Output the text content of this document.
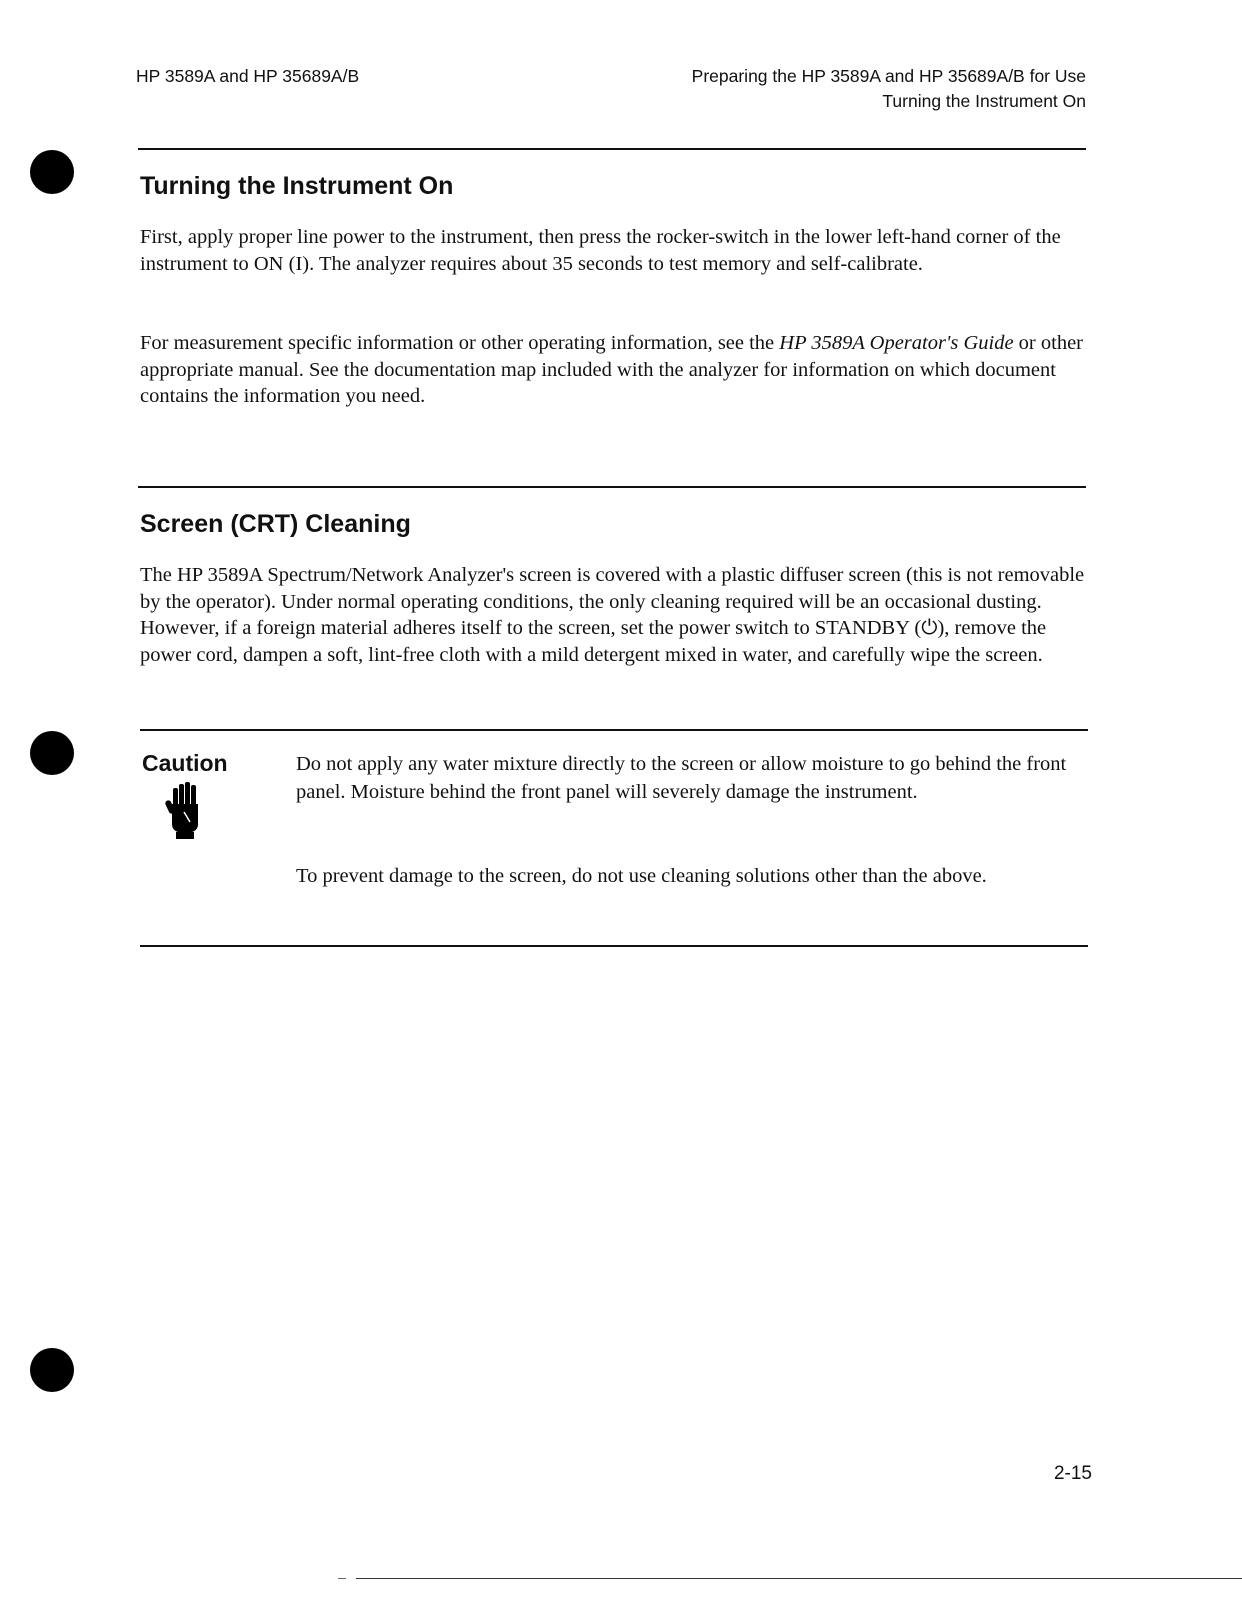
HP 3589A and HP 35689A/B	Preparing the HP 3589A and HP 35689A/B for Use
Turning the Instrument On
Turning the Instrument On
First, apply proper line power to the instrument, then press the rocker-switch in the lower left-hand corner of the instrument to ON (I). The analyzer requires about 35 seconds to test memory and self-calibrate.
For measurement specific information or other operating information, see the HP 3589A Operator's Guide or other appropriate manual. See the documentation map included with the analyzer for information on which document contains the information you need.
Screen (CRT) Cleaning
The HP 3589A Spectrum/Network Analyzer's screen is covered with a plastic diffuser screen (this is not removable by the operator). Under normal operating conditions, the only cleaning required will be an occasional dusting. However, if a foreign material adheres itself to the screen, set the power switch to STANDBY (⏻), remove the power cord, dampen a soft, lint-free cloth with a mild detergent mixed in water, and carefully wipe the screen.
Caution	Do not apply any water mixture directly to the screen or allow moisture to go behind the front panel. Moisture behind the front panel will severely damage the instrument.
To prevent damage to the screen, do not use cleaning solutions other than the above.
2-15
